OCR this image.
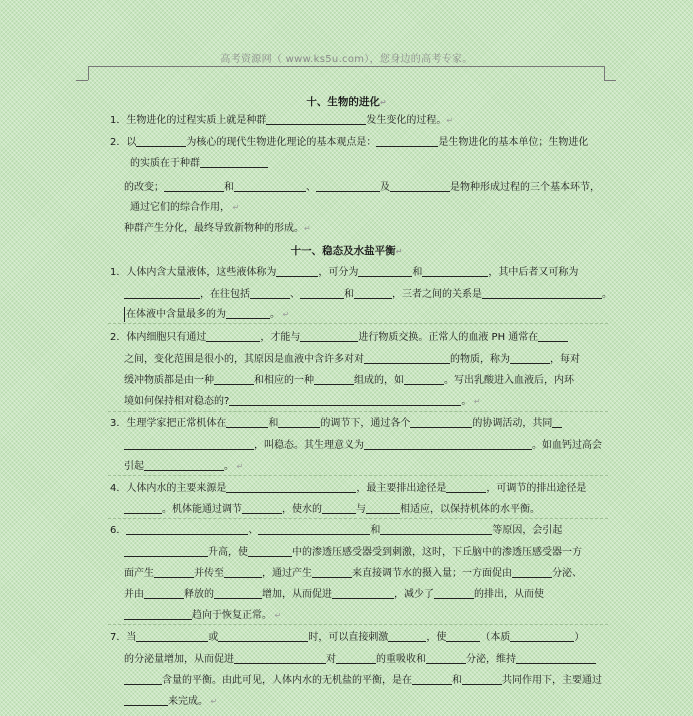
高考资源网（ www.ks5u.com），您身边的高考专家。
十、生物的进化↵
1．生物进化的过程实质上就是种群	发生变化的过程。↵
2．以	为核心的现代生物进化理论的基本观点是：	是生物进化的基本单位；生物进化
的实质在于种群
的改变；	和	、	及	是物种形成过程的三个基本环节，
通过它们的综合作用， ↵
种群产生分化，最终导致新物种的形成。↵
十一、稳态及水盐平衡↵
1．人体内含大量液体，这些液体称为	，可分为	和	，其中后者又可称为
，在往包括	、	和	，三者之间的关系是	。
在体液中含量最多的为	。 ↵
2．体内细胞只有通过	，才能与	进行物质交换。正常人的血液 PH 通常在
之间，变化范围是很小的，其原因是血液中含许多对对	的物质，称为	，每对
缓冲物质都是由一种	和相应的一种	组成的，如	。写出乳酸进入血液后，内环
境如何保持相对稳态的?	。 ↵
3．生理学家把正常机体在	和	的调节下，通过各个	的协调活动，共同
，叫稳态。其生理意义为	。如血钙过高会
引起	。 ↵
4．人体内水的主要来源是	，最主要排出途径是	，可调节的排出途径是
。机体能通过调节	，使水的	与	相适应，以保持机体的水平衡。
6．	、	和	等原因，会引起
升高，使	中的渗透压感受器受到刺激，这时，下丘脑中的渗透压感受器一方
面产生	并传至	，通过产生	来直接调节水的摄入量；一方面促由	分泌、
并由	释放的	增加，从而促进	，减少了	的排出，从而使
趋向于恢复正常。 ↵
7．当	或	时，可以直接刺激	，使	（本质	）
的分泌量增加，从而促进	对	的重吸收和	分泌，维持
含量的平衡。由此可见，人体内水的无机盐的平衡，是在	和	共同作用下，主要通过
来完成。 ↵
